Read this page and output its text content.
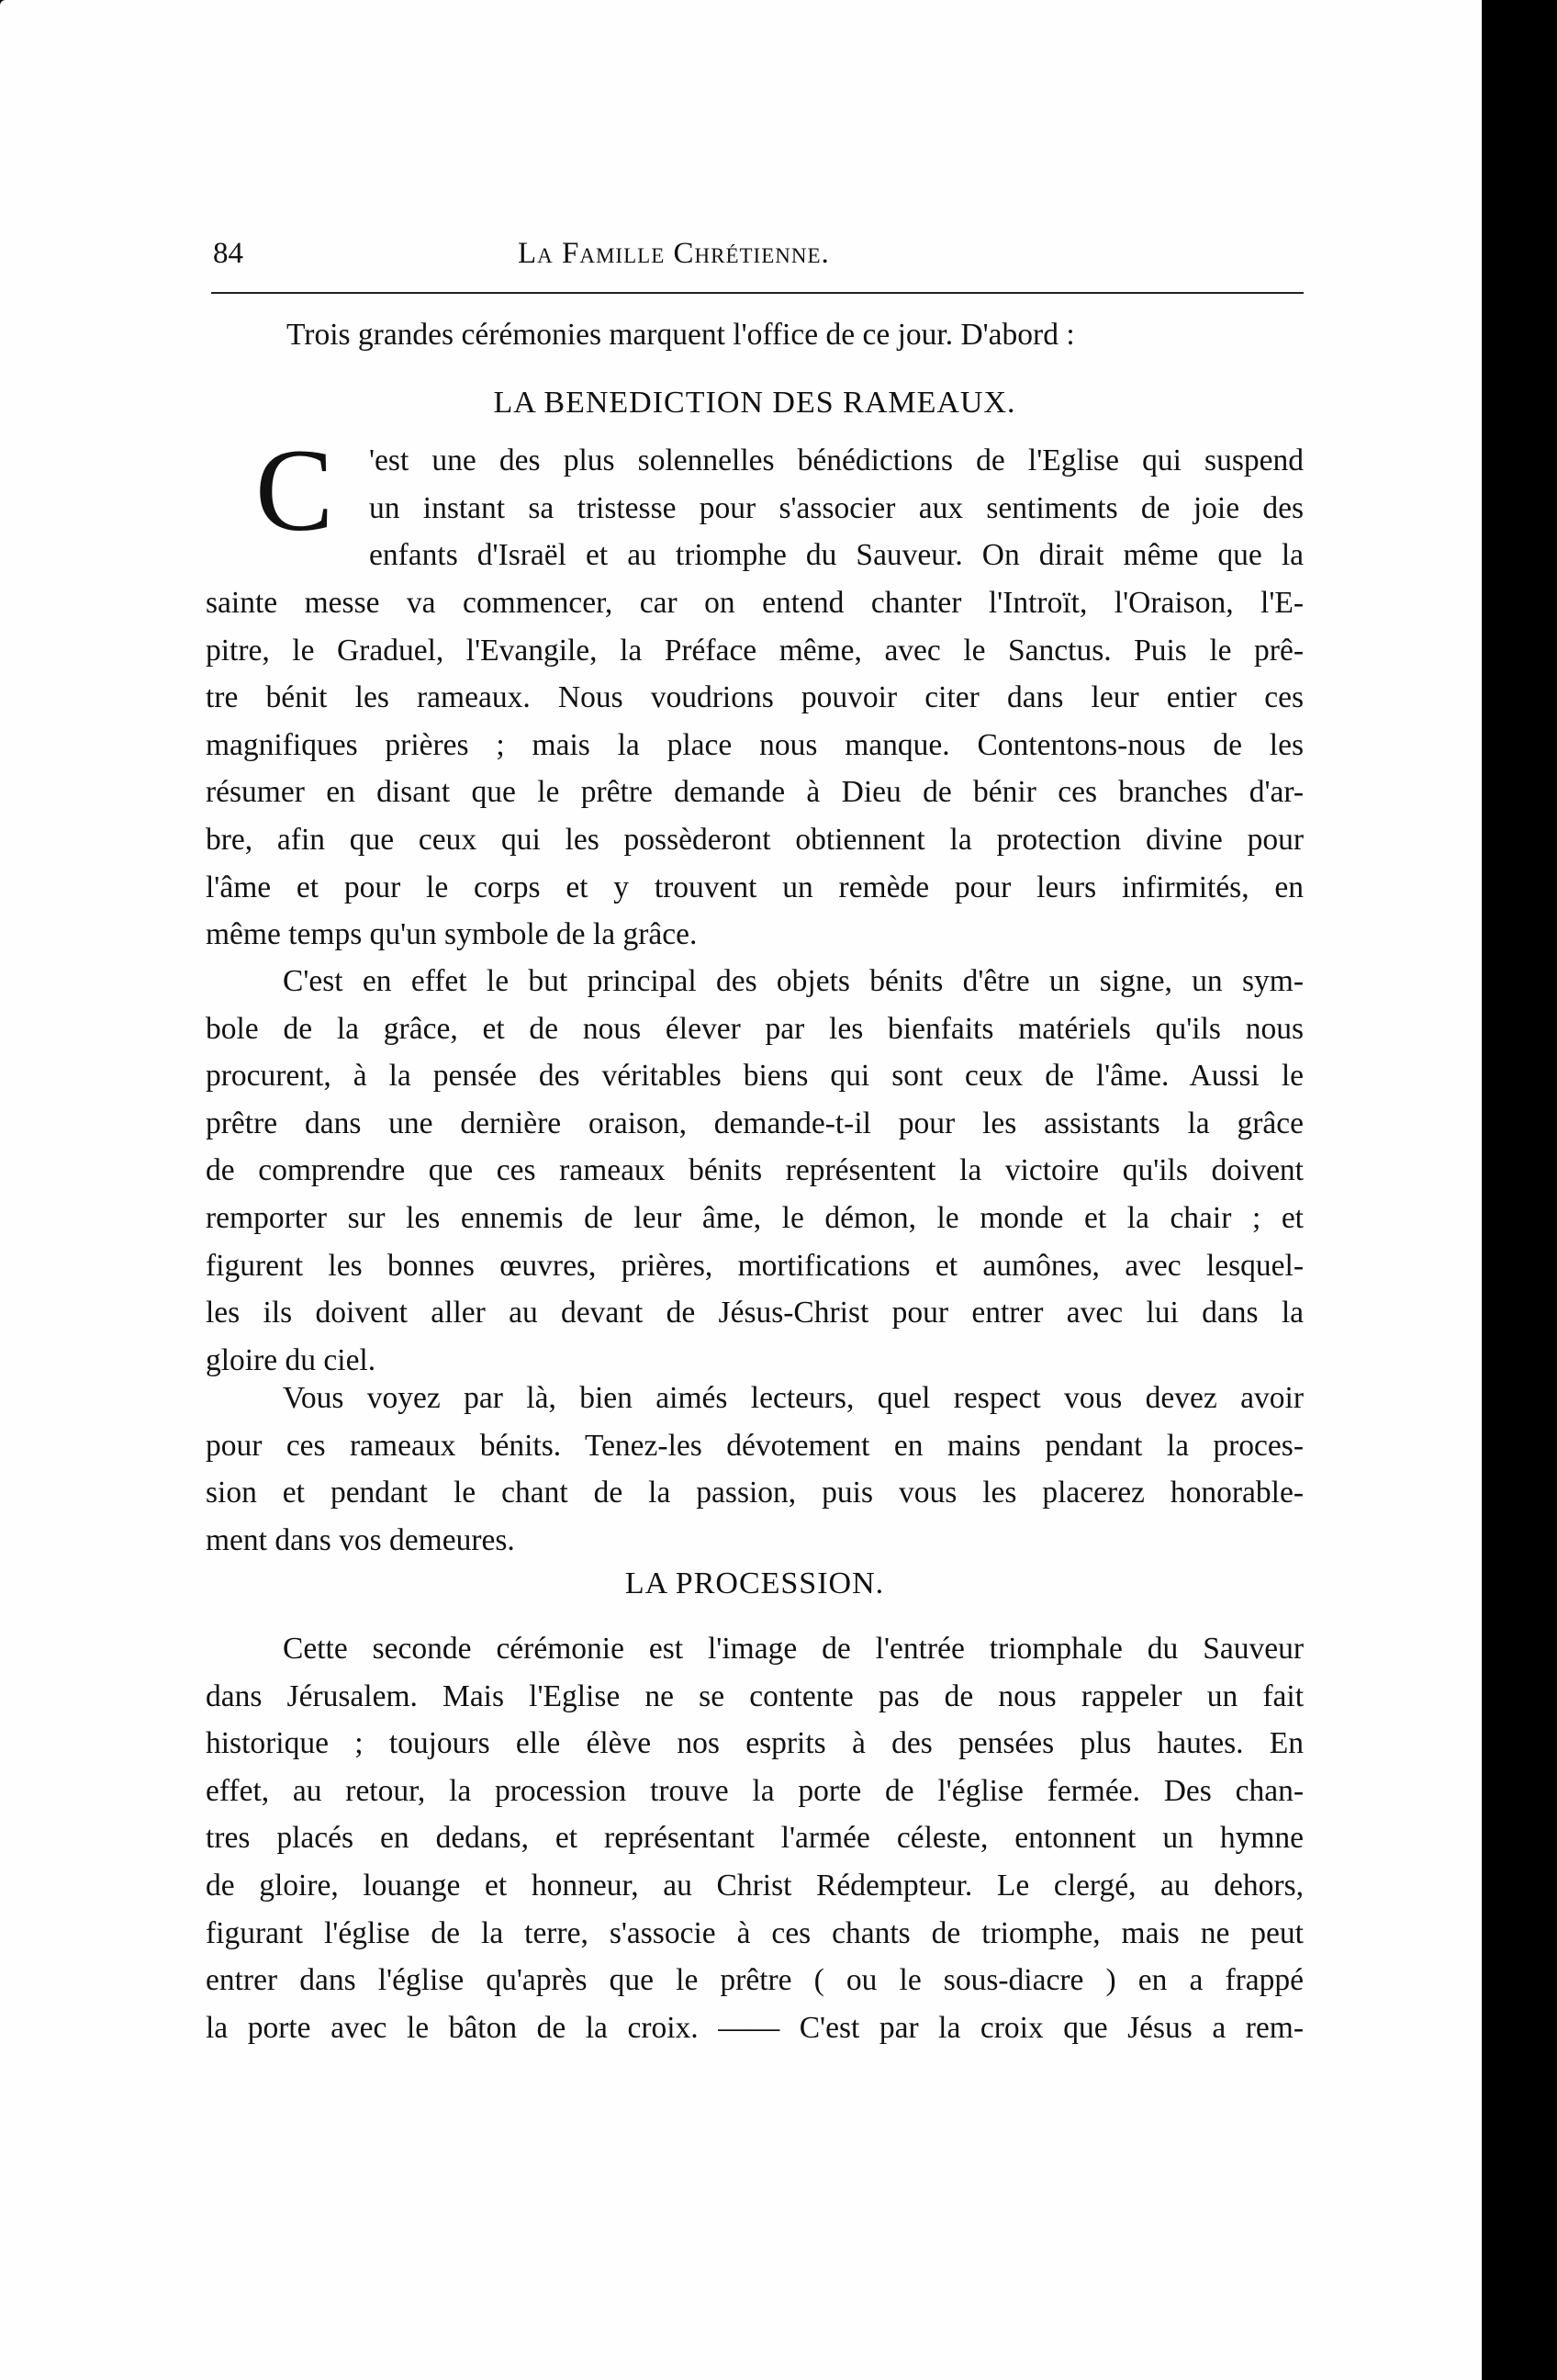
84	La Famille Chrétienne.
Trois grandes cérémonies marquent l'office de ce jour. D'abord :
LA BENEDICTION DES RAMEAUX.
C 'est une des plus solennelles bénédictions de l'Eglise qui suspend
un instant sa tristesse pour s'associer aux sentiments de joie des
enfants d'Israël et au triomphe du Sauveur. On dirait même que la
sainte messe va commencer, car on entend chanter l'Introït, l'Oraison, l'E-
pitre, le Graduel, l'Evangile, la Préface même, avec le Sanctus. Puis le prê-
tre bénit les rameaux. Nous voudrions pouvoir citer dans leur entier ces
magnifiques prières ; mais la place nous manque. Contentons-nous de les
résumer en disant que le prêtre demande à Dieu de bénir ces branches d'ar-
bre, afin que ceux qui les possèderont obtiennent la protection divine pour
l'âme et pour le corps et y trouvent un remède pour leurs infirmités, en
même temps qu'un symbole de la grâce.
C'est en effet le but principal des objets bénits d'être un signe, un sym-
bole de la grâce, et de nous élever par les bienfaits matériels qu'ils nous
procurent, à la pensée des véritables biens qui sont ceux de l'âme. Aussi le
prêtre dans une dernière oraison, demande-t-il pour les assistants la grâce
de comprendre que ces rameaux bénits représentent la victoire qu'ils doivent
remporter sur les ennemis de leur âme, le démon, le monde et la chair ; et
figurent les bonnes œuvres, prières, mortifications et aumônes, avec lesquel-
les ils doivent aller au devant de Jésus-Christ pour entrer avec lui dans la
gloire du ciel.
Vous voyez par là, bien aimés lecteurs, quel respect vous devez avoir
pour ces rameaux bénits. Tenez-les dévotement en mains pendant la proces-
sion et pendant le chant de la passion, puis vous les placerez honorable-
ment dans vos demeures.
LA PROCESSION.
Cette seconde cérémonie est l'image de l'entrée triomphale du Sauveur
dans Jérusalem. Mais l'Eglise ne se contente pas de nous rappeler un fait
historique ; toujours elle élève nos esprits à des pensées plus hautes. En
effet, au retour, la procession trouve la porte de l'église fermée. Des chan-
tres placés en dedans, et représentant l'armée céleste, entonnent un hymne
de gloire, louange et honneur, au Christ Rédempteur. Le clergé, au dehors,
figurant l'église de la terre, s'associe à ces chants de triomphe, mais ne peut
entrer dans l'église qu'après que le prêtre ( ou le sous-diacre ) en a frappé
la porte avec le bâton de la croix. —— C'est par la croix que Jésus a rem-
